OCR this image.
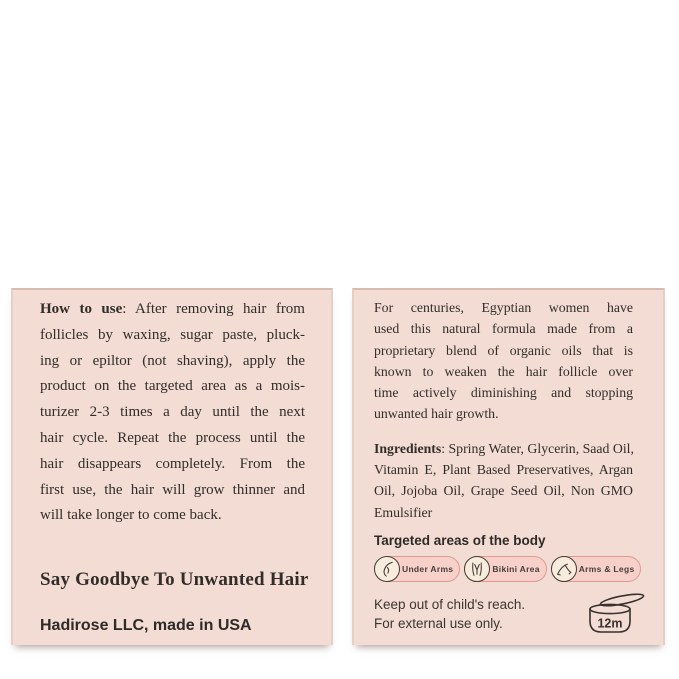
How to use: After removing hair from
follicles by waxing, sugar paste, pluck-
ing or epiltor (not shaving), apply the
product on the targeted area as a mois-
turizer 2-3 times a day until the next
hair cycle. Repeat the process until the
hair disappears completely. From the
first use, the hair will grow thinner and
will take longer to come back.
Say Goodbye To Unwanted Hair
Hadirose LLC, made in USA
For centuries, Egyptian women have
used this natural formula made from a
proprietary blend of organic oils that is
known to weaken the hair follicle over
time actively diminishing and stopping
unwanted hair growth.
Ingredients: Spring Water, Glycerin, Saad Oil,
Vitamin E, Plant Based Preservatives, Argan
Oil, Jojoba Oil, Grape Seed Oil, Non GMO
Emulsifier
Targeted areas of the body
Under Arms	Bikini Area	Arms & Legs
Keep out of child's reach.
For external use only.	12m
